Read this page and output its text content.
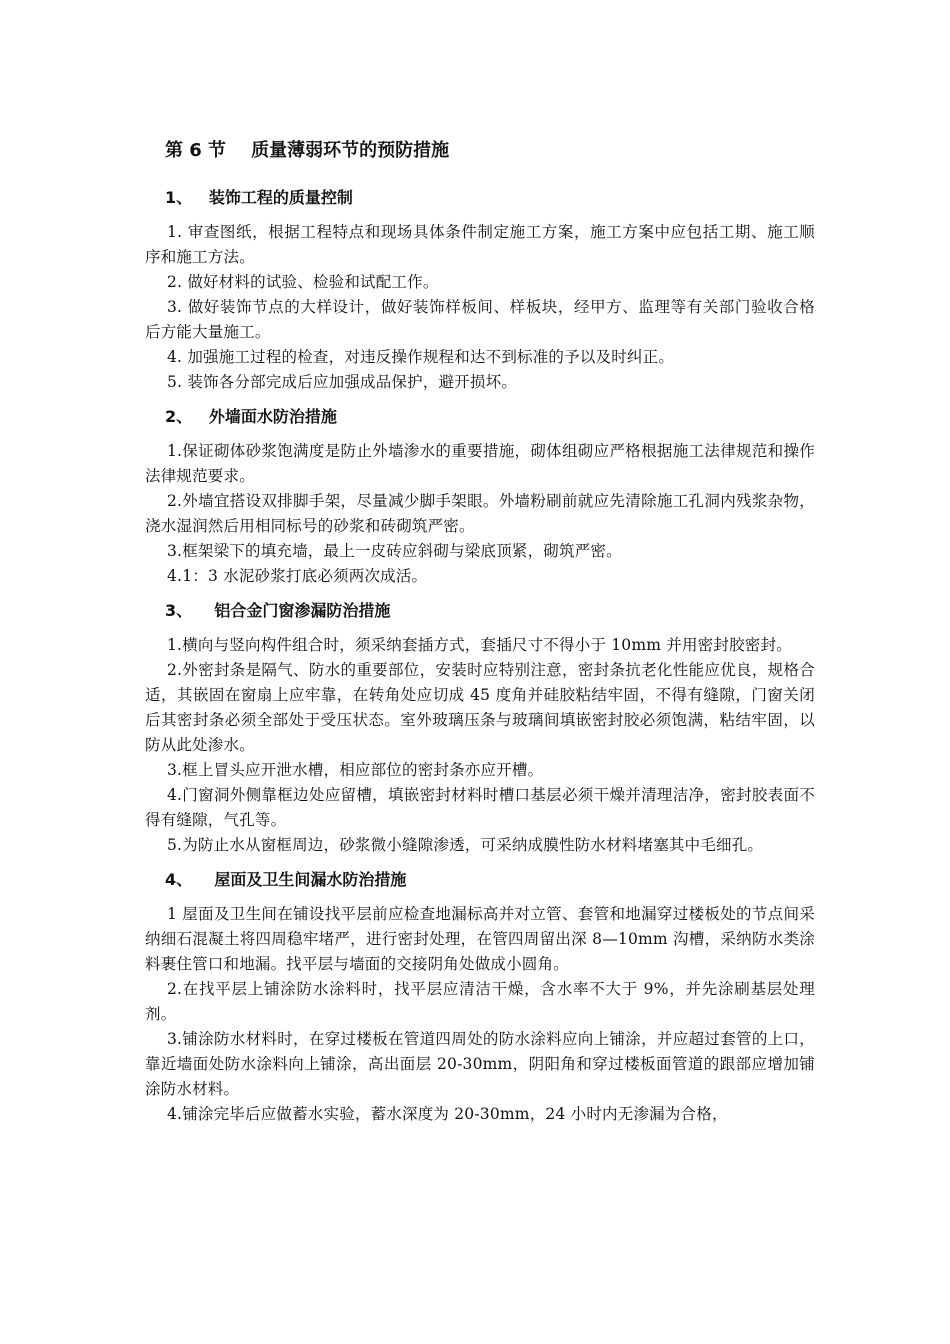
第 6 节    质量薄弱环节的预防措施
1、   装饰工程的质量控制

1. 审查图纸，根据工程特点和现场具体条件制定施工方案，施工方案中应包括工期、施工顺序和施工方法。

2. 做好材料的试验、检验和试配工作。

3. 做好装饰节点的大样设计，做好装饰样板间、样板块，经甲方、监理等有关部门验收合格后方能大量施工。

4. 加强施工过程的检查，对违反操作规程和达不到标准的予以及时纠正。

5. 装饰各分部完成后应加强成品保护，避开损坏。

2、   外墙面水防治措施

1.保证砌体砂浆饱满度是防止外墙渗水的重要措施，砌体组砌应严格根据施工法律规范和操作法律规范要求。

2.外墙宜搭设双排脚手架，尽量减少脚手架眼。外墙粉刷前就应先清除施工孔洞内残浆杂物，浇水湿润然后用相同标号的砂浆和砖砌筑严密。

3.框架梁下的填充墙，最上一皮砖应斜砌与梁底顶紧，砌筑严密。

4.1：3 水泥砂浆打底必须两次成活。

3、    铝合金门窗渗漏防治措施

1.横向与竖向构件组合时，须采纳套插方式，套插尺寸不得小于 10mm 并用密封胶密封。

2.外密封条是隔气、防水的重要部位，安装时应特别注意，密封条抗老化性能应优良，规格合适，其嵌固在窗扇上应牢靠，在转角处应切成 45 度角并硅胶粘结牢固，不得有缝隙，门窗关闭后其密封条必须全部处于受压状态。室外玻璃压条与玻璃间填嵌密封胶必须饱满，粘结牢固，以防从此处渗水。

3.框上冒头应开泄水槽，相应部位的密封条亦应开槽。

4.门窗洞外侧靠框边处应留槽，填嵌密封材料时槽口基层必须干燥并清理洁净，密封胶表面不得有缝隙，气孔等。

5.为防止水从窗框周边，砂浆微小缝隙渗透，可采纳成膜性防水材料堵塞其中毛细孔。

4、    屋面及卫生间漏水防治措施

1 屋面及卫生间在铺设找平层前应检查地漏标高并对立管、套管和地漏穿过楼板处的节点间采纳细石混凝土将四周稳牢堵严，进行密封处理，在管四周留出深 8—10mm 沟槽，采纳防水类涂料裹住管口和地漏。找平层与墙面的交接阴角处做成小圆角。

2.在找平层上铺涂防水涂料时，找平层应清洁干燥，含水率不大于 9%，并先涂刷基层处理剂。

3.铺涂防水材料时，在穿过楼板在管道四周处的防水涂料应向上铺涂，并应超过套管的上口，靠近墙面处防水涂料向上铺涂，高出面层 20-30mm，阴阳角和穿过楼板面管道的跟部应增加铺涂防水材料。

4.铺涂完毕后应做蓄水实验，蓄水深度为 20-30mm，24 小时内无渗漏为合格，
